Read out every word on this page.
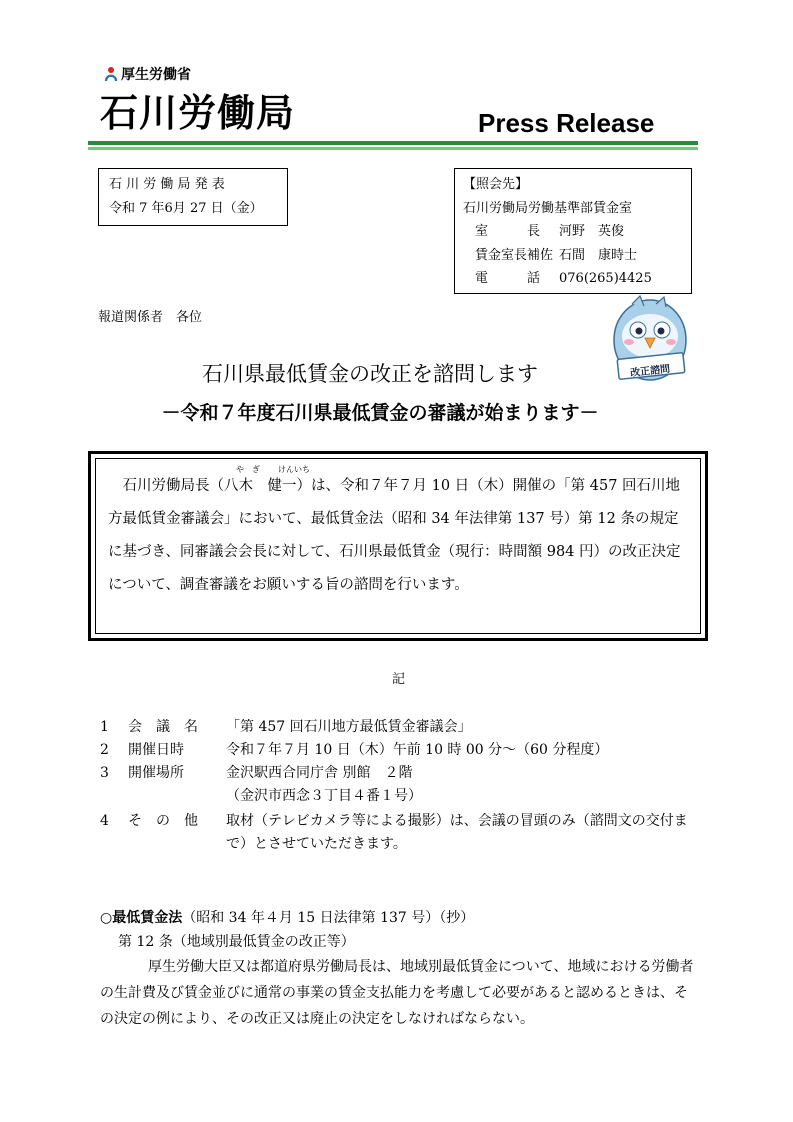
厚生労働省
石川労働局	Press Release
石 川 労 働 局 発 表
令和 7 年6月 27 日（金）
【照会先】
石川労働局労働基準部賃金室
室　　　長	河野　英俊
賃金室長補佐 石間　康時士
電　　　話	076(265)4425
報道関係者　各位
改正諮問
石川県最低賃金の改正を諮問します
－令和７年度石川県最低賃金の審議が始まります－
や　ぎ けんいち
　石川労働局長（八木　健一）は、令和７年７月 10 日（木）開催の「第 457 回石川地方最低賃金審議会」において、最低賃金法（昭和 34 年法律第 137 号）第 12 条の規定に基づき、同審議会会長に対して、石川県最低賃金（現行：時間額 984 円）の改正決定について、調査審議をお願いする旨の諮問を行います。
記
1	会　議　名	「第 457 回石川地方最低賃金審議会」
2	開催日時	令和７年７月 10 日（木）午前 10 時 00 分～（60 分程度）
3	開催場所	金沢駅西合同庁舎 別館　２階
（金沢市西念３丁目４番１号）
4	そ　の　他	取材（テレビカメラ等による撮影）は、会議の冒頭のみ（諮問文の交付まで）とさせていただきます。
○最低賃金法（昭和 34 年４月 15 日法律第 137 号）（抄）
第 12 条（地域別最低賃金の改正等）
厚生労働大臣又は都道府県労働局長は、地域別最低賃金について、地域における労働者の生計費及び賃金並びに通常の事業の賃金支払能力を考慮して必要があると認めるときは、その決定の例により、その改正又は廃止の決定をしなければならない。
